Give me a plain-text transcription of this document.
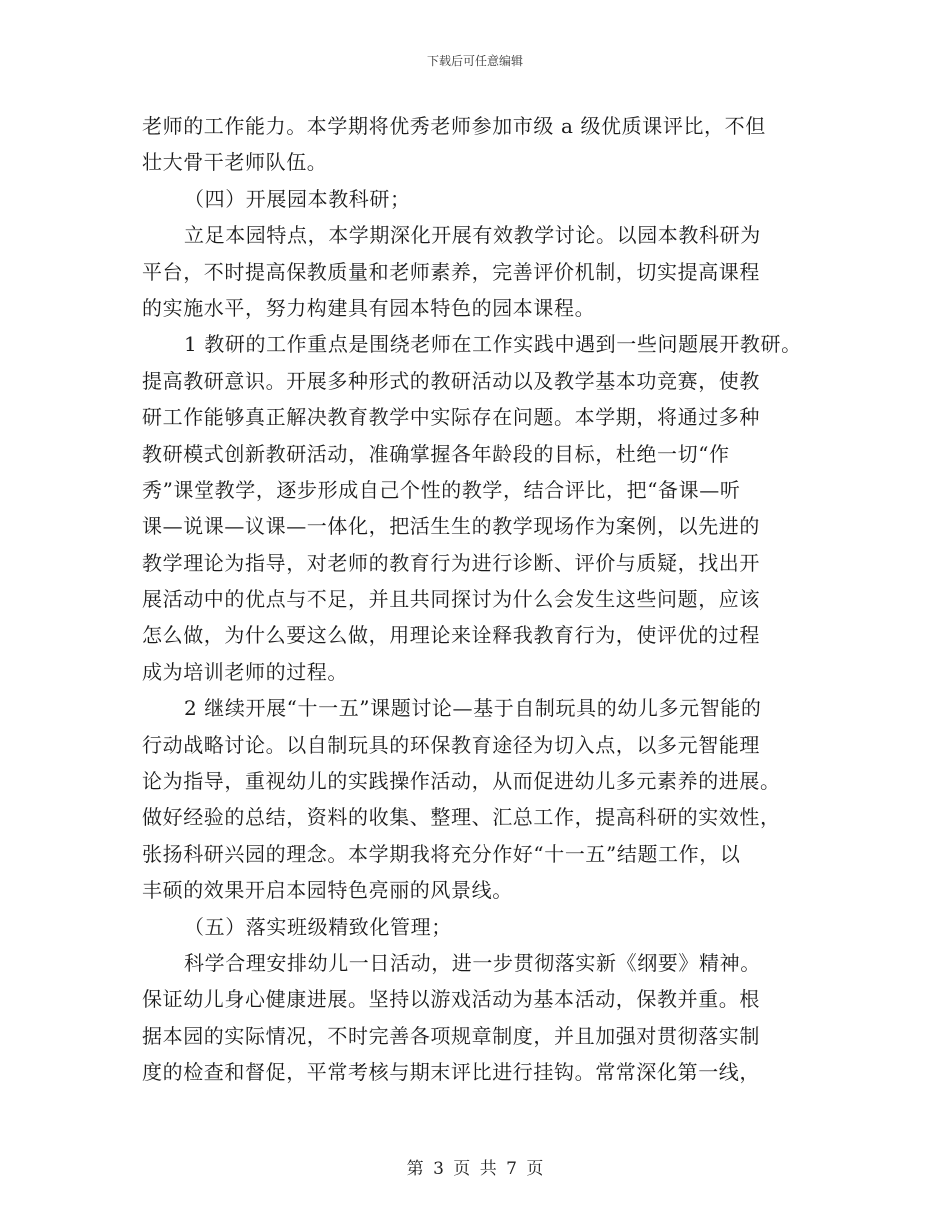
下载后可任意编辑
老师的工作能力。本学期将优秀老师参加市级 a 级优质课评比，不但
壮大骨干老师队伍。
（四）开展园本教科研；
立足本园特点，本学期深化开展有效教学讨论。以园本教科研为
平台，不时提高保教质量和老师素养，完善评价机制，切实提高课程
的实施水平，努力构建具有园本特色的园本课程。
1 教研的工作重点是围绕老师在工作实践中遇到一些问题展开教研。
提高教研意识。开展多种形式的教研活动以及教学基本功竞赛，使教
研工作能够真正解决教育教学中实际存在问题。本学期，将通过多种
教研模式创新教研活动，准确掌握各年龄段的目标，杜绝一切“作
秀”课堂教学，逐步形成自己个性的教学，结合评比，把“备课—听
课—说课—议课—一体化，把活生生的教学现场作为案例，以先进的
教学理论为指导，对老师的教育行为进行诊断、评价与质疑，找出开
展活动中的优点与不足，并且共同探讨为什么会发生这些问题，应该
怎么做，为什么要这么做，用理论来诠释我教育行为，使评优的过程
成为培训老师的过程。
2 继续开展“十一五”课题讨论—基于自制玩具的幼儿多元智能的
行动战略讨论。以自制玩具的环保教育途径为切入点，以多元智能理
论为指导，重视幼儿的实践操作活动，从而促进幼儿多元素养的进展。
做好经验的总结，资料的收集、整理、汇总工作，提高科研的实效性，
张扬科研兴园的理念。本学期我将充分作好“十一五”结题工作，以
丰硕的效果开启本园特色亮丽的风景线。
（五）落实班级精致化管理；
科学合理安排幼儿一日活动，进一步贯彻落实新《纲要》精神。
保证幼儿身心健康进展。坚持以游戏活动为基本活动，保教并重。根
据本园的实际情况，不时完善各项规章制度，并且加强对贯彻落实制
度的检查和督促，平常考核与期末评比进行挂钩。常常深化第一线，
第 3 页 共 7 页
